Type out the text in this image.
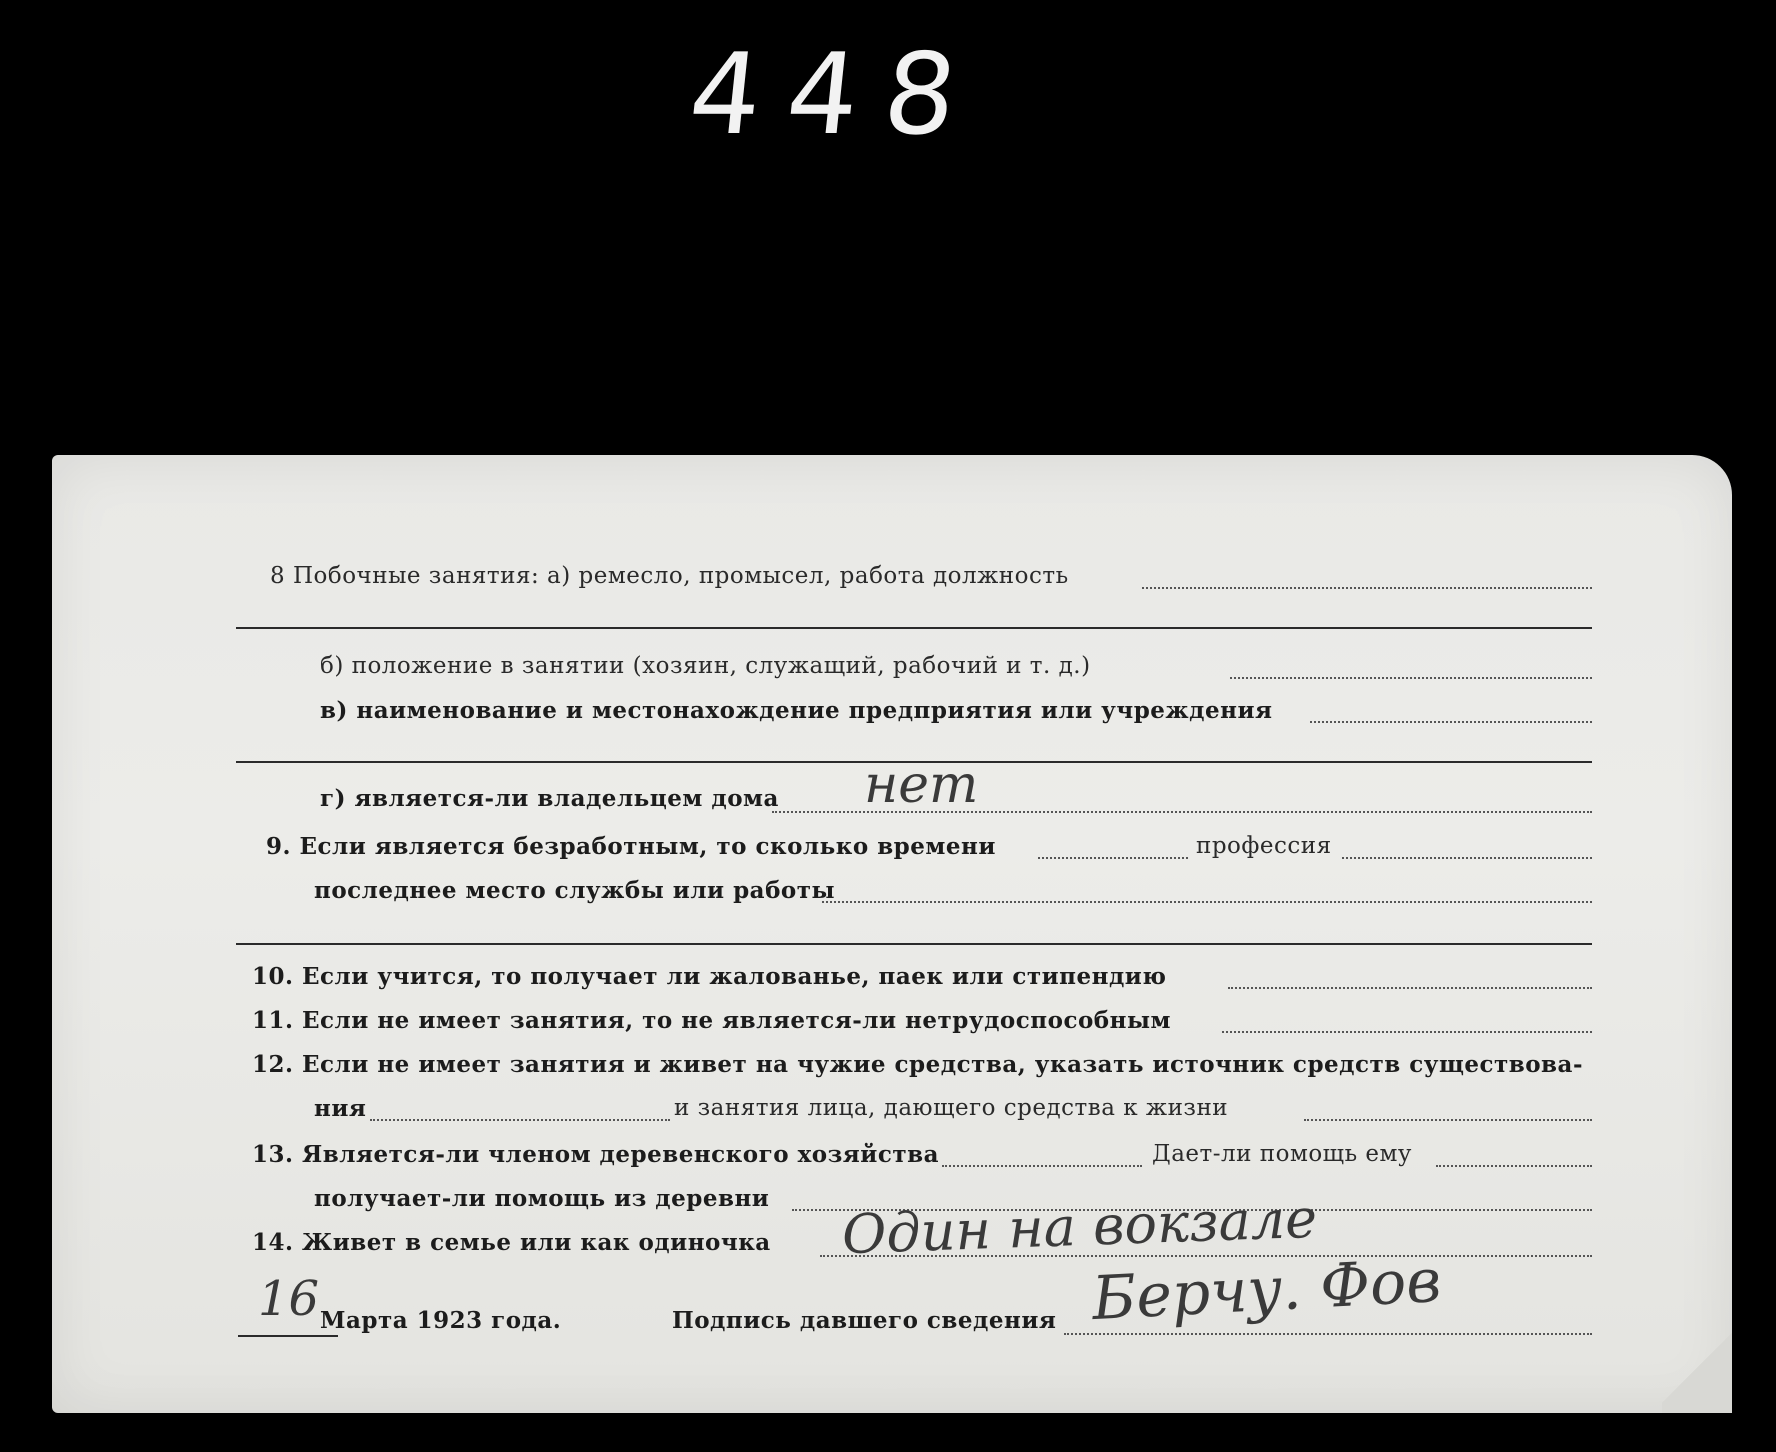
448
8 Побочные занятия: а) ремесло, промысел, работа должность
б) положение в занятии (хозяин, служащий, рабочий и т. д.)
в) наименование и местонахождение предприятия или учреждения
г) является-ли владельцем дома нет
9. Если является безработным, то сколько времени	профессия
последнее место службы или работы
10. Если учится, то получает ли жалованье, паек или стипендию
11. Если не имеет занятия, то не является-ли нетрудоспособным
12. Если не имеет занятия и живет на чужие средства, указать источник средств существова-
ния	и занятия лица, дающего средства к жизни
13. Является-ли членом деревенского хозяйства	Дает-ли помощь ему
получает-ли помощь из деревни
14. Живет в семье или как одиночка Один на вокзале
16 Марта 1923 года.	Подпись давшего сведения Берчу. Фов
